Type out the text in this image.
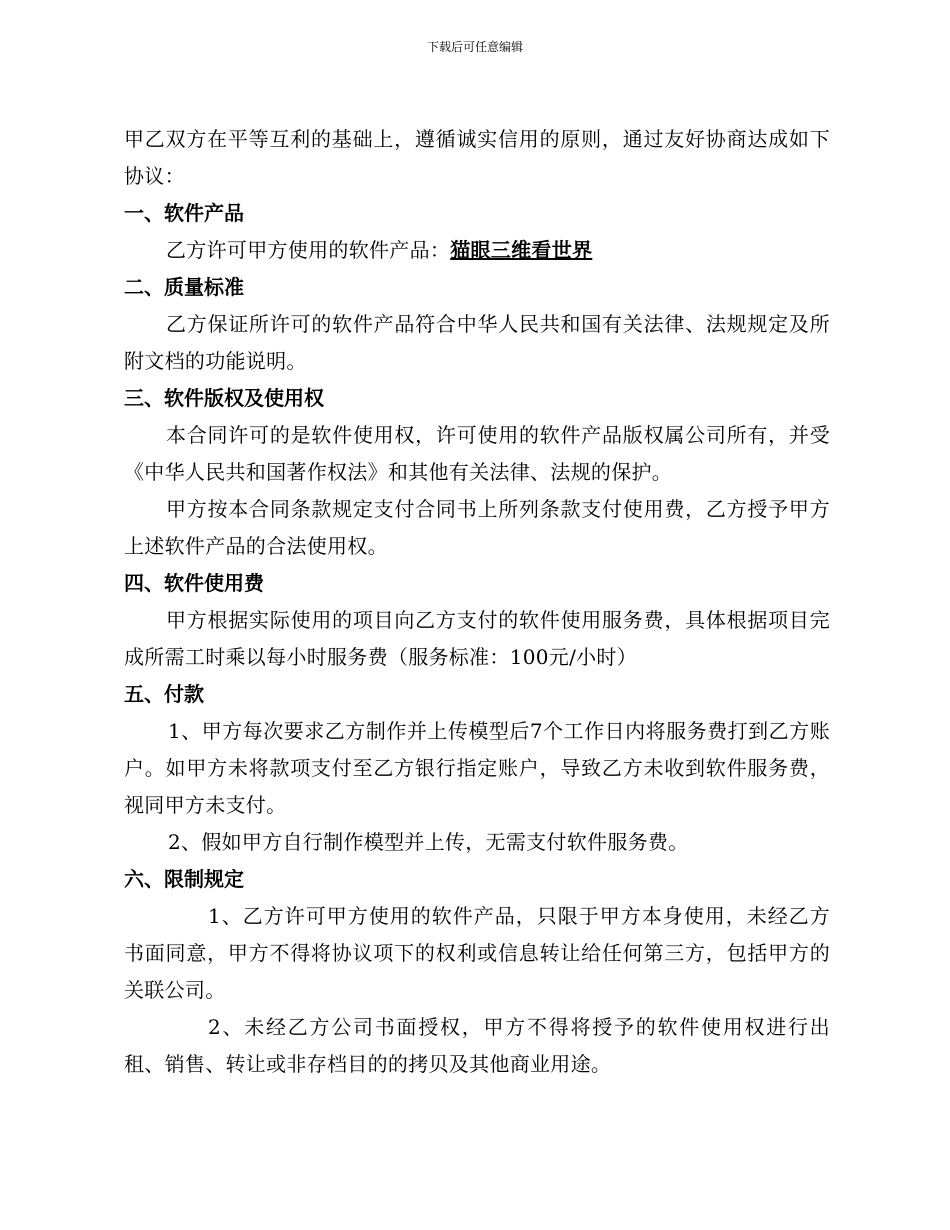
下载后可任意编辑

甲乙双方在平等互利的基础上，遵循诚实信用的原则，通过友好协商达成如下协议：

一、软件产品

乙方许可甲方使用的软件产品：猫眼三维看世界

二、质量标准

乙方保证所许可的软件产品符合中华人民共和国有关法律、法规规定及所附文档的功能说明。

三、软件版权及使用权

本合同许可的是软件使用权，许可使用的软件产品版权属公司所有，并受《中华人民共和国著作权法》和其他有关法律、法规的保护。

甲方按本合同条款规定支付合同书上所列条款支付使用费，乙方授予甲方上述软件产品的合法使用权。

四、软件使用费

甲方根据实际使用的项目向乙方支付的软件使用服务费，具体根据项目完成所需工时乘以每小时服务费（服务标准：100元/小时）

五、付款

1、甲方每次要求乙方制作并上传模型后7个工作日内将服务费打到乙方账户。如甲方未将款项支付至乙方银行指定账户，导致乙方未收到软件服务费，视同甲方未支付。

2、假如甲方自行制作模型并上传，无需支付软件服务费。

六、限制规定

1、乙方许可甲方使用的软件产品，只限于甲方本身使用，未经乙方书面同意，甲方不得将协议项下的权利或信息转让给任何第三方，包括甲方的关联公司。

2、未经乙方公司书面授权，甲方不得将授予的软件使用权进行出租、销售、转让或非存档目的的拷贝及其他商业用途。
